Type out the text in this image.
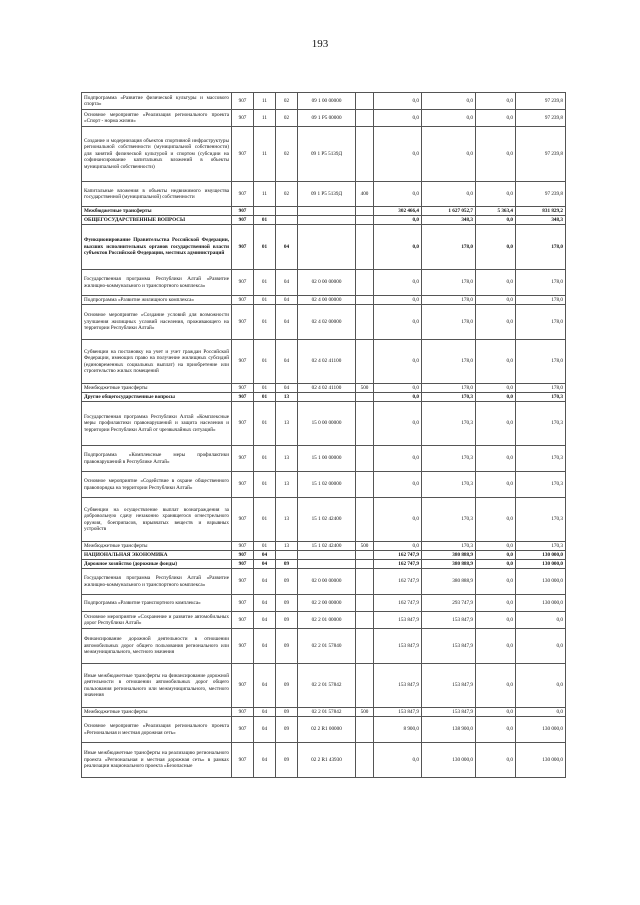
193
Подпрограмма «Развитие физической культуры и массового спорта»	907	11	02	09 1 00 00000		0,0	0,0	0,0	97 239,8
Основное мероприятие «Реализация регионального проекта «Спорт - норма жизни»	907	11	02	09 1 P5 00000		0,0	0,0	0,0	97 239,8
Создание и модернизация объектов спортивной инфраструктуры региональной собственности (муниципальной собственности) для занятий физической культурой и спортом (субсидии на софинансирование капитальных вложений в объекты муниципальной собственности)	907	11	02	09 1 P5 5139Д		0,0	0,0	0,0	97 239,8
Капитальные вложения в объекты недвижимого имущества государственной (муниципальной) собственности	907	11	02	09 1 P5 5139Д	400	0,0	0,0	0,0	97 239,8
Межбюджетные трансферты	907					302 466,4	1 627 052,7	5 363,4	831 829,2
ОБЩЕГОСУДАРСТВЕННЫЕ ВОПРОСЫ	907	01				0,0	348,3	0,0	348,3
Функционирование Правительства Российской Федерации, высших исполнительных органов государственной власти субъектов Российской Федерации, местных администраций	907	01	04			0,0	178,0	0,0	178,0
Государственная программа Республики Алтай «Развитие жилищно-коммунального и транспортного комплекса»	907	01	04	02 0 00 00000		0,0	178,0	0,0	178,0
Подпрограмма «Развитие жилищного комплекса»	907	01	04	02 4 00 00000		0,0	178,0	0,0	178,0
Основное мероприятие «Создание условий для возможности улучшения жилищных условий населения, проживающего на территории Республики Алтай»	907	01	04	02 4 02 00000		0,0	178,0	0,0	178,0
Субвенции на постановку на учет и учет граждан Российской Федерации, имеющих право на получение жилищных субсидий (единовременных социальных выплат) на приобретение или строительство жилых помещений	907	01	04	02 4 02 41100		0,0	178,0	0,0	178,0
Межбюджетные трансферты	907	01	04	02 4 02 41100	500	0,0	178,0	0,0	178,0
Другие общегосударственные вопросы	907	01	13			0,0	170,3	0,0	170,3
Государственная программа Республики Алтай «Комплексные меры профилактики правонарушений и защита населения и территории Республики Алтай от чрезвычайных ситуаций»	907	01	13	15 0 00 00000		0,0	170,3	0,0	170,3
Подпрограмма «Комплексные меры профилактики правонарушений в Республике Алтай»	907	01	13	15 1 00 00000		0,0	170,3	0,0	170,3
Основное мероприятие «Содействие в охране общественного правопорядка на территории Республики Алтай»	907	01	13	15 1 02 00000		0,0	170,3	0,0	170,3
Субвенции на осуществление выплат вознаграждения за добровольную сдачу незаконно хранящегося огнестрельного оружия, боеприпасов, взрывчатых веществ и взрывных устройств	907	01	13	15 1 02 42400		0,0	170,3	0,0	170,3
Межбюджетные трансферты	907	01	13	15 1 02 42400	500	0,0	170,3	0,0	170,3
НАЦИОНАЛЬНАЯ ЭКОНОМИКА	907	04				162 747,9	380 888,9	0,0	130 000,0
Дорожное хозяйство (дорожные фонды)	907	04	09			162 747,9	380 888,9	0,0	130 000,0
Государственная программа Республики Алтай «Развитие жилищно-коммунального и транспортного комплекса»	907	04	09	02 0 00 00000		162 747,9	380 888,9	0,0	130 000,0
Подпрограмма «Развитие транспортного комплекса»	907	04	09	02 2 00 00000		162 747,9	293 747,9	0,0	130 000,0
Основное мероприятие «Сохранение и развитие автомобильных дорог Республики Алтай»	907	04	09	02 2 01 00000		153 847,9	153 847,9	0,0	0,0
Финансирование дорожной деятельности в отношении автомобильных дорог общего пользования регионального или межмуниципального, местного значения	907	04	09	02 2 01 57840		153 847,9	153 847,9	0,0	0,0
Иные межбюджетные трансферты на финансирование дорожной деятельности в отношении автомобильных дорог общего пользования регионального или межмуниципального, местного значения	907	04	09	02 2 01 57842		153 847,9	153 847,9	0,0	0,0
Межбюджетные трансферты	907	04	09	02 2 01 57842	500	153 847,9	153 847,9	0,0	0,0
Основное мероприятие «Реализация регионального проекта «Региональная и местная дорожная сеть»	907	04	09	02 2 R1 00000		8 900,0	138 900,0	0,0	130 000,0
Иные межбюджетные трансферты на реализацию регионального проекта «Региональная и местная дорожная сеть» в рамках реализации национального проекта «Безопасные	907	04	09	02 2 R1 43930		0,0	130 000,0	0,0	130 000,0
